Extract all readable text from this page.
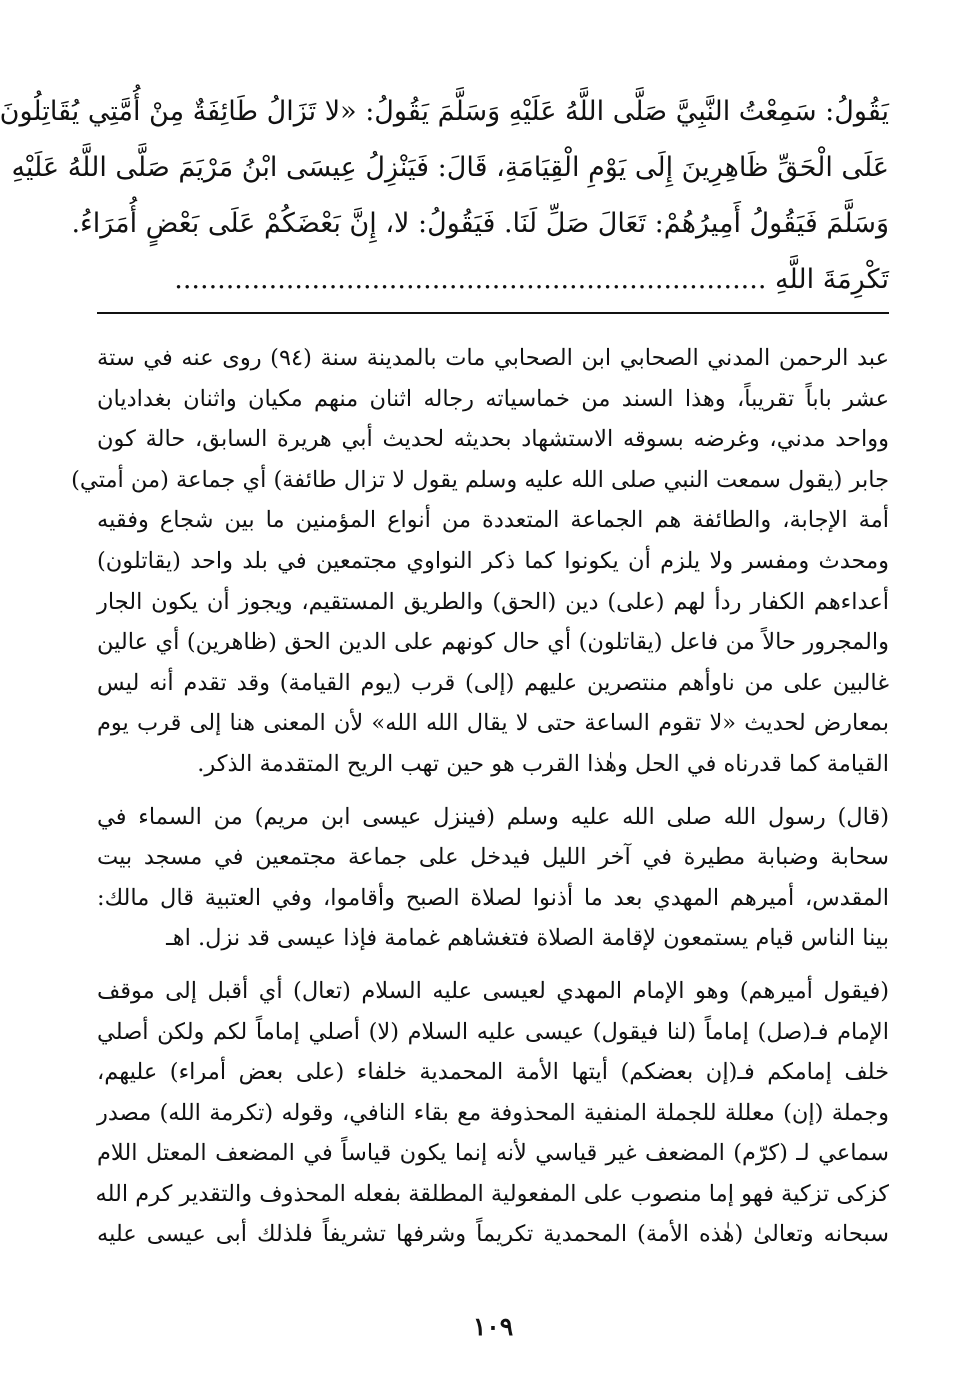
يَقُولُ: سَمِعْتُ النَّبِيَّ صَلَّى اللَّهُ عَلَيْهِ وَسَلَّمَ يَقُولُ: «لا تَزَالُ طَائِفَةٌ مِنْ أُمَّتِي يُقَاتِلُونَ
عَلَى الْحَقِّ ظَاهِرِينَ إِلَى يَوْمِ الْقِيَامَةِ، قَالَ: فَيَنْزِلُ عِيسَى ابْنُ مَرْيَمَ صَلَّى اللَّهُ عَلَيْهِ
وَسَلَّمَ فَيَقُولُ أَمِيرُهُمْ: تَعَالَ صَلِّ لَنَا. فَيَقُولُ: لا، إِنَّ بَعْضَكُمْ عَلَى بَعْضٍ أُمَرَاءُ.
تَكْرِمَةَ اللَّهِ .....................................................................
عبد الرحمن المدني الصحابي ابن الصحابي مات بالمدينة سنة (٩٤) روى عنه في ستة
عشر باباً تقريباً، وهذا السند من خماسياته رجاله اثنان منهم مكيان واثنان بغداديان
وواحد مدني، وغرضه بسوقه الاستشهاد بحديثه لحديث أبي هريرة السابق، حالة كون
جابر (يقول سمعت النبي صلى الله عليه وسلم يقول لا تزال طائفة) أي جماعة (من أمتي)
أمة الإجابة، والطائفة هم الجماعة المتعددة من أنواع المؤمنين ما بين شجاع وفقيه
ومحدث ومفسر ولا يلزم أن يكونوا كما ذكر النواوي مجتمعين في بلد واحد (يقاتلون)
أعداءهم الكفار ردأ لهم (على) دين (الحق) والطريق المستقيم، ويجوز أن يكون الجار
والمجرور حالاً من فاعل (يقاتلون) أي حال كونهم على الدين الحق (ظاهرين) أي عالين
غالبين على من ناوأهم منتصرين عليهم (إلى) قرب (يوم القيامة) وقد تقدم أنه ليس
بمعارض لحديث «لا تقوم الساعة حتى لا يقال الله الله» لأن المعنى هنا إلى قرب يوم
القيامة كما قدرناه في الحل وهٰذا القرب هو حين تهب الريح المتقدمة الذكر.
(قال) رسول الله صلى الله عليه وسلم (فينزل عيسى ابن مريم) من السماء في
سحابة وضبابة مطيرة في آخر الليل فيدخل على جماعة مجتمعين في مسجد بيت
المقدس، أميرهم المهدي بعد ما أذنوا لصلاة الصبح وأقاموا، وفي العتبية قال مالك:
بينا الناس قيام يستمعون لإقامة الصلاة فتغشاهم غمامة فإذا عيسى قد نزل. اهـ
(فيقول أميرهم) وهو الإمام المهدي لعيسى عليه السلام (تعال) أي أقبل إلى موقف
الإمام فـ(صل) إماماً (لنا فيقول) عيسى عليه السلام (لا) أصلي إماماً لكم ولكن أصلي
خلف إمامكم فـ(إن بعضكم) أيتها الأمة المحمدية خلفاء (على بعض أمراء) عليهم،
وجملة (إن) معللة للجملة المنفية المحذوفة مع بقاء النافي، وقوله (تكرمة الله) مصدر
سماعي لـ (كرّم) المضعف غير قياسي لأنه إنما يكون قياساً في المضعف المعتل اللام
كزكى تزكية فهو إما منصوب على المفعولية المطلقة بفعله المحذوف والتقدير كرم الله
سبحانه وتعالىٰ (هٰذه الأمة) المحمدية تكريماً وشرفها تشريفاً فلذلك أبى عيسى عليه
١٠٩
